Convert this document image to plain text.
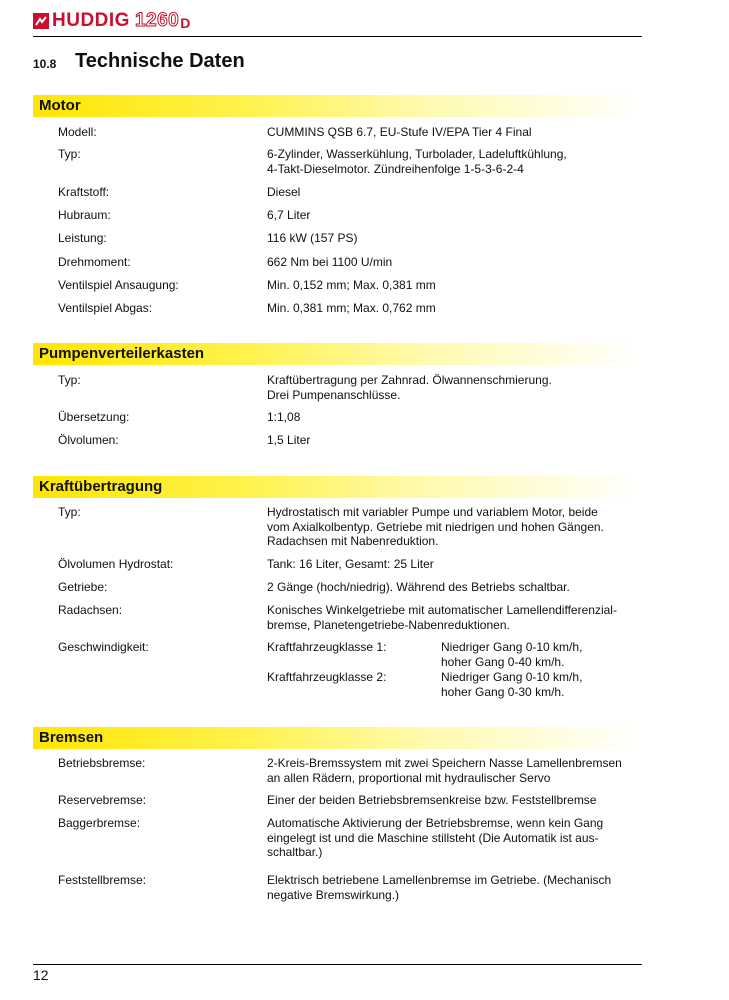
HUDDIG 1260 D
10.8 Technische Daten
Motor
Modell:	CUMMINS QSB 6.7, EU-Stufe IV/EPA Tier 4 Final
Typ:	6-Zylinder, Wasserkühlung, Turbolader, Ladeluftkühlung,
4-Takt-Dieselmotor. Zündreihenfolge 1-5-3-6-2-4
Kraftstoff:	Diesel
Hubraum:	6,7 Liter
Leistung:	116 kW (157 PS)
Drehmoment:	662 Nm bei 1100 U/min
Ventilspiel Ansaugung:	Min. 0,152 mm; Max. 0,381 mm
Ventilspiel Abgas:	Min. 0,381 mm; Max. 0,762 mm
Pumpenverteilerkasten
Typ:	Kraftübertragung per Zahnrad. Ölwannenschmierung.
Drei Pumpenanschlüsse.
Übersetzung:	1:1,08
Ölvolumen:	1,5 Liter
Kraftübertragung
Typ:	Hydrostatisch mit variabler Pumpe und variablem Motor, beide
vom Axialkolbentyp. Getriebe mit niedrigen und hohen Gängen.
Radachsen mit Nabenreduktion.
Ölvolumen Hydrostat:	Tank: 16 Liter, Gesamt: 25 Liter
Getriebe:	2 Gänge (hoch/niedrig). Während des Betriebs schaltbar.
Radachsen:	Konisches Winkelgetriebe mit automatischer Lamellendifferenzial-
bremse, Planetengetriebe-Nabenreduktionen.
Geschwindigkeit:	Kraftfahrzeugklasse 1:	Niedriger Gang 0-10 km/h,
hoher Gang 0-40 km/h.
Kraftfahrzeugklasse 2:	Niedriger Gang 0-10 km/h,
hoher Gang 0-30 km/h.
Bremsen
Betriebsbremse:	2-Kreis-Bremssystem mit zwei Speichern Nasse Lamellenbremsen
an allen Rädern, proportional mit hydraulischer Servo
Reservebremse:	Einer der beiden Betriebsbremsenkreise bzw. Feststellbremse
Baggerbremse:	Automatische Aktivierung der Betriebsbremse, wenn kein Gang
eingelegt ist und die Maschine stillsteht (Die Automatik ist aus-
schaltbar.)
Feststellbremse:	Elektrisch betriebene Lamellenbremse im Getriebe. (Mechanisch
negative Bremswirkung.)
12
